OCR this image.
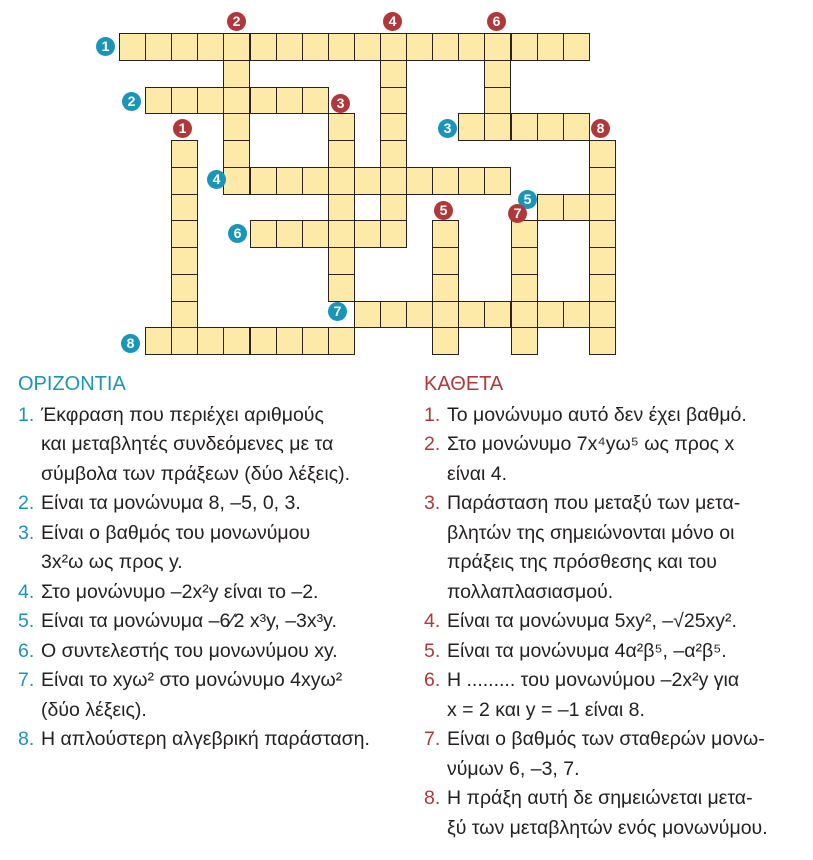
1
2
3
4
5
6
7
8
1
2
3
4
5
6
7
8
ΟΡΙΖΟΝΤΙΑ
1. Έκφραση που περιέχει αριθμούς
και μεταβλητές συνδεόμενες με τα
σύμβολα των πράξεων (δύο λέξεις).
2. Είναι τα μονώνυμα 8, –5, 0, 3.
3. Είναι ο βαθμός του μονωνύμου
3x²ω ως προς y.
4. Στο μονώνυμο –2x²y είναι το –2.
5. Είναι τα μονώνυμα –6⁄2 x³y, –3x³y.
6. Ο συντελεστής του μονωνύμου xy.
7. Είναι το xyω² στο μονώνυμο 4xyω²
(δύο λέξεις).
8. Η απλούστερη αλγεβρική παράσταση.
ΚΑΘΕΤΑ
1. Το μονώνυμο αυτό δεν έχει βαθμό.
2. Στο μονώνυμο 7x⁴yω⁵ ως προς x
είναι 4.
3. Παράσταση που μεταξύ των μετα-
βλητών της σημειώνονται μόνο οι
πράξεις της πρόσθεσης και του
πολλαπλασιασμού.
4. Είναι τα μονώνυμα 5xy², –√25xy².
5. Είναι τα μονώνυμα 4α²β⁵, –α²β⁵.
6. Η ......... του μονωνύμου –2x²y για
x = 2 και y = –1 είναι 8.
7. Είναι ο βαθμός των σταθερών μονω-
νύμων 6, –3, 7.
8. Η πράξη αυτή δε σημειώνεται μετα-
ξύ των μεταβλητών ενός μονωνύμου.
